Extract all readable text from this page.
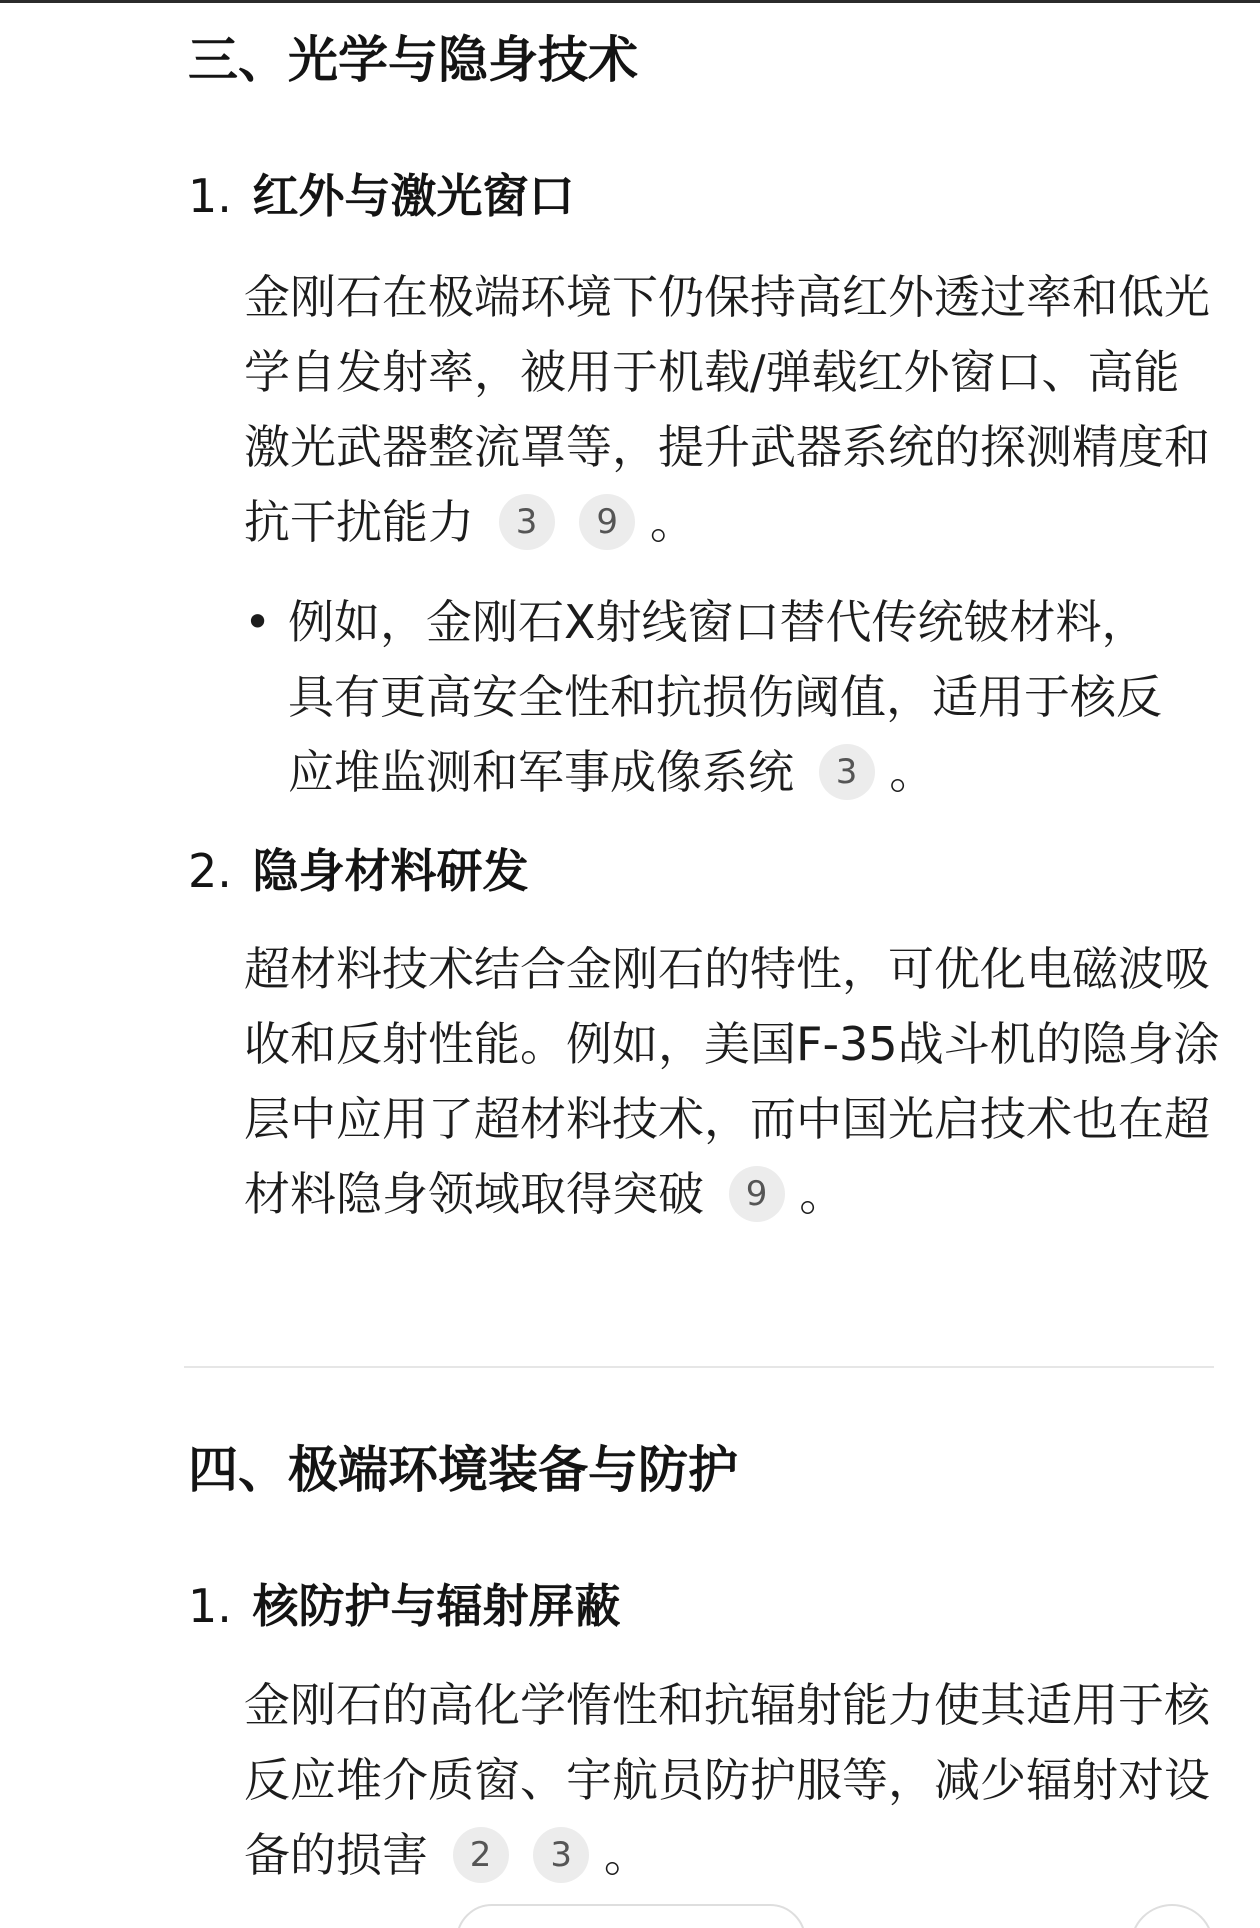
三、光学与隐身技术
1. 红外与激光窗口
金刚石在极端环境下仍保持高红外透过率和低光学自发射率，被用于机载/弹载红外窗口、高能激光武器整流罩等，提升武器系统的探测精度和抗干扰能力 3 9 。
• 例如，金刚石X射线窗口替代传统铍材料，具有更高安全性和抗损伤阈值，适用于核反应堆监测和军事成像系统 3 。
2. 隐身材料研发
超材料技术结合金刚石的特性，可优化电磁波吸收和反射性能。例如，美国F-35战斗机的隐身涂层中应用了超材料技术，而中国光启技术也在超材料隐身领域取得突破 9 。
四、极端环境装备与防护
1. 核防护与辐射屏蔽
金刚石的高化学惰性和抗辐射能力使其适用于核反应堆介质窗、宇航员防护服等，减少辐射对设备的损害 2 3 。
